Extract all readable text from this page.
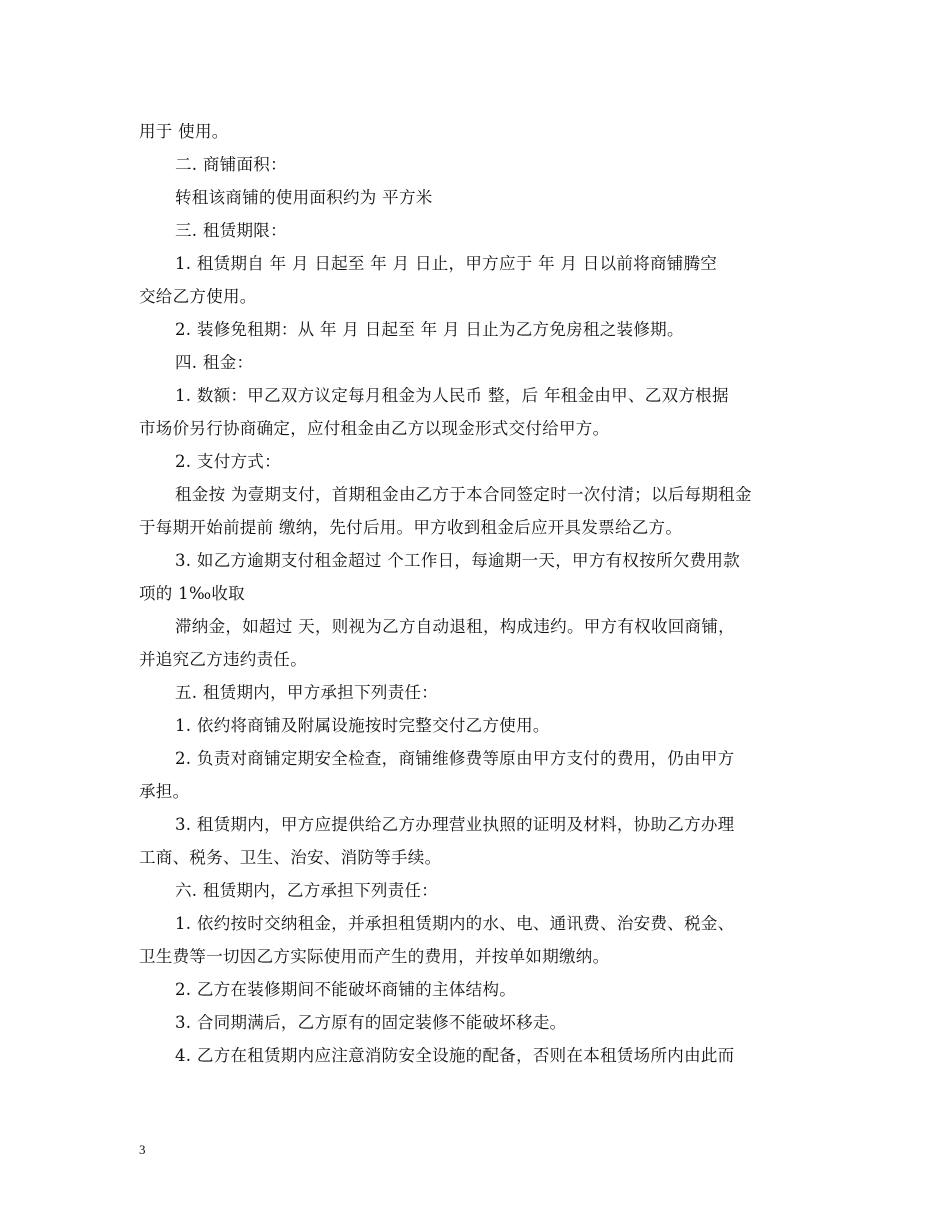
用于 使用。
二. 商铺面积：
转租该商铺的使用面积约为 平方米
三. 租赁期限：
1. 租赁期自 年 月 日起至 年 月 日止，甲方应于 年 月 日以前将商铺腾空
交给乙方使用。
2. 装修免租期：从 年 月 日起至 年 月 日止为乙方免房租之装修期。
四. 租金：
1. 数额：甲乙双方议定每月租金为人民币 整，后 年租金由甲、乙双方根据
市场价另行协商确定，应付租金由乙方以现金形式交付给甲方。
2. 支付方式：
租金按 为壹期支付，首期租金由乙方于本合同签定时一次付清；以后每期租金
于每期开始前提前 缴纳，先付后用。甲方收到租金后应开具发票给乙方。
3. 如乙方逾期支付租金超过 个工作日，每逾期一天，甲方有权按所欠费用款
项的 1‰收取
滞纳金，如超过 天，则视为乙方自动退租，构成违约。甲方有权收回商铺，
并追究乙方违约责任。
五. 租赁期内，甲方承担下列责任：
1. 依约将商铺及附属设施按时完整交付乙方使用。
2. 负责对商铺定期安全检查，商铺维修费等原由甲方支付的费用，仍由甲方
承担。
3. 租赁期内，甲方应提供给乙方办理营业执照的证明及材料，协助乙方办理
工商、税务、卫生、治安、消防等手续。
六. 租赁期内，乙方承担下列责任：
1. 依约按时交纳租金，并承担租赁期内的水、电、通讯费、治安费、税金、
卫生费等一切因乙方实际使用而产生的费用，并按单如期缴纳。
2. 乙方在装修期间不能破坏商铺的主体结构。
3. 合同期满后，乙方原有的固定装修不能破坏移走。
4. 乙方在租赁期内应注意消防安全设施的配备，否则在本租赁场所内由此而
3
